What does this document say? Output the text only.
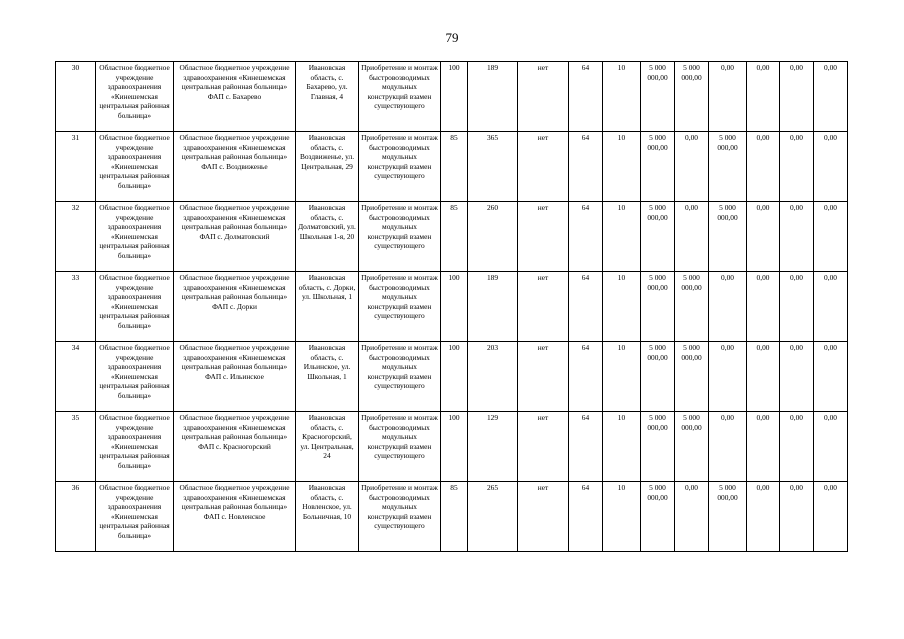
79
30	Областное бюджетное учреждение здравоохранения «Кинешемская центральная районная больница»	Областное бюджетное учреждение здравоохранения «Кинешемская центральная районная больница» ФАП с. Бахарево	Ивановская область, с. Бахарево, ул. Главная, 4	Приобретение и монтаж быстровозводимых модульных конструкций взамен существующего	100	189	нет	64	10	5 000 000,00	5 000 000,00	0,00	0,00	0,00	0,00
31	Областное бюджетное учреждение здравоохранения «Кинешемская центральная районная больница»	Областное бюджетное учреждение здравоохранения «Кинешемская центральная районная больница» ФАП с. Воздвиженье	Ивановская область, с. Воздвиженье, ул. Центральная, 29	Приобретение и монтаж быстровозводимых модульных конструкций взамен существующего	85	365	нет	64	10	5 000 000,00	0,00	5 000 000,00	0,00	0,00	0,00
32	Областное бюджетное учреждение здравоохранения «Кинешемская центральная районная больница»	Областное бюджетное учреждение здравоохранения «Кинешемская центральная районная больница» ФАП с. Долматовский	Ивановская область, с. Долматовский, ул. Школьная 1-я, 20	Приобретение и монтаж быстровозводимых модульных конструкций взамен существующего	85	260	нет	64	10	5 000 000,00	0,00	5 000 000,00	0,00	0,00	0,00
33	Областное бюджетное учреждение здравоохранения «Кинешемская центральная районная больница»	Областное бюджетное учреждение здравоохранения «Кинешемская центральная районная больница» ФАП с. Дорки	Ивановская область, с. Дорки, ул. Школьная, 1	Приобретение и монтаж быстровозводимых модульных конструкций взамен существующего	100	189	нет	64	10	5 000 000,00	5 000 000,00	0,00	0,00	0,00	0,00
34	Областное бюджетное учреждение здравоохранения «Кинешемская центральная районная больница»	Областное бюджетное учреждение здравоохранения «Кинешемская центральная районная больница» ФАП с. Ильинское	Ивановская область, с. Ильинское, ул. Школьная, 1	Приобретение и монтаж быстровозводимых модульных конструкций взамен существующего	100	203	нет	64	10	5 000 000,00	5 000 000,00	0,00	0,00	0,00	0,00
35	Областное бюджетное учреждение здравоохранения «Кинешемская центральная районная больница»	Областное бюджетное учреждение здравоохранения «Кинешемская центральная районная больница» ФАП с. Красногорский	Ивановская область, с. Красногорский, ул. Центральная, 24	Приобретение и монтаж быстровозводимых модульных конструкций взамен существующего	100	129	нет	64	10	5 000 000,00	5 000 000,00	0,00	0,00	0,00	0,00
36	Областное бюджетное учреждение здравоохранения «Кинешемская центральная районная больница»	Областное бюджетное учреждение здравоохранения «Кинешемская центральная районная больница» ФАП с. Новленское	Ивановская область, с. Новленское, ул. Больничная, 10	Приобретение и монтаж быстровозводимых модульных конструкций взамен существующего	85	265	нет	64	10	5 000 000,00	0,00	5 000 000,00	0,00	0,00	0,00
